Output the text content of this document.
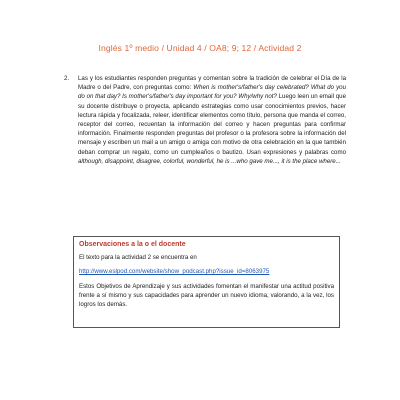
Inglés 1º medio / Unidad 4 / OA8; 9; 12 / Actividad 2
2. Las y los estudiantes responden preguntas y comentan sobre la tradición de celebrar el Día de la Madre o del Padre, con preguntas como: When is mother's/father's day celebrated? What do you do on that day? Is mother's/father's day important for you? Why/why not? Luego leen un email que su docente distribuye o proyecta, aplicando estrategias como usar conocimientos previos, hacer lectura rápida y focalizada, releer, identificar elementos como título, persona que manda el correo, receptor del correo, recuentan la información del correo y hacen preguntas para confirmar información. Finalmente responden preguntas del profesor o la profesora sobre la información del mensaje y escriben un mail a un amigo o amiga con motivo de otra celebración en la que también deban comprar un regalo, como un cumpleaños o bautizo. Usan expresiones y palabras como although, disappoint, disagree, colorful, wonderful, he is ...who gave me..., it is the place where...
Observaciones a la o el docente
El texto para la actividad 2 se encuentra en
http://www.eslpod.com/website/show_podcast.php?issue_id=8063975
Estos Objetivos de Aprendizaje y sus actividades fomentan el manifestar una actitud positiva frente a sí mismo y sus capacidades para aprender un nuevo idioma, valorando, a la vez, los logros los demás.
